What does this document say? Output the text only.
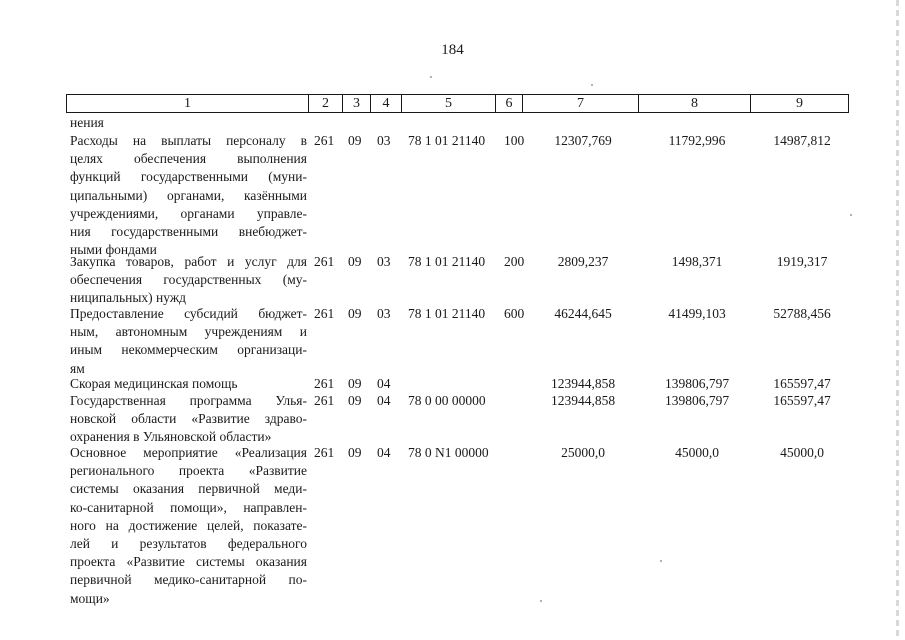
184
1	2	3	4	5	6	7	8	9
нения
Расходы на выплаты персоналу в
целях обеспечения выполнения
функций государственными (муни-
ципальными) органами, казёнными
учреждениями, органами управле-
ния государственными внебюджет-
ными фондами
261 09 03 78 1 01 21140 100	12307,769	11792,996	14987,812
Закупка товаров, работ и услуг для
обеспечения государственных (му-
ниципальных) нужд
261 09 03 78 1 01 21140 200	2809,237	1498,371	1919,317
Предоставление субсидий бюджет-
ным, автономным учреждениям и
иным некоммерческим организаци-
ям
261 09 03 78 1 01 21140 600	46244,645	41499,103	52788,456
Скорая медицинская помощь	261 09 04	123944,858	139806,797	165597,47
Государственная программа Улья-
новской области «Развитие здраво-
охранения в Ульяновской области»
261 09 04 78 0 00 00000	123944,858	139806,797	165597,47
Основное мероприятие «Реализация
регионального проекта «Развитие
системы оказания первичной меди-
ко-санитарной помощи», направлен-
ного на достижение целей, показате-
лей и результатов федерального
проекта «Развитие системы оказания
первичной медико-санитарной по-
мощи»
261 09 04 78 0 N1 00000	25000,0	45000,0	45000,0
